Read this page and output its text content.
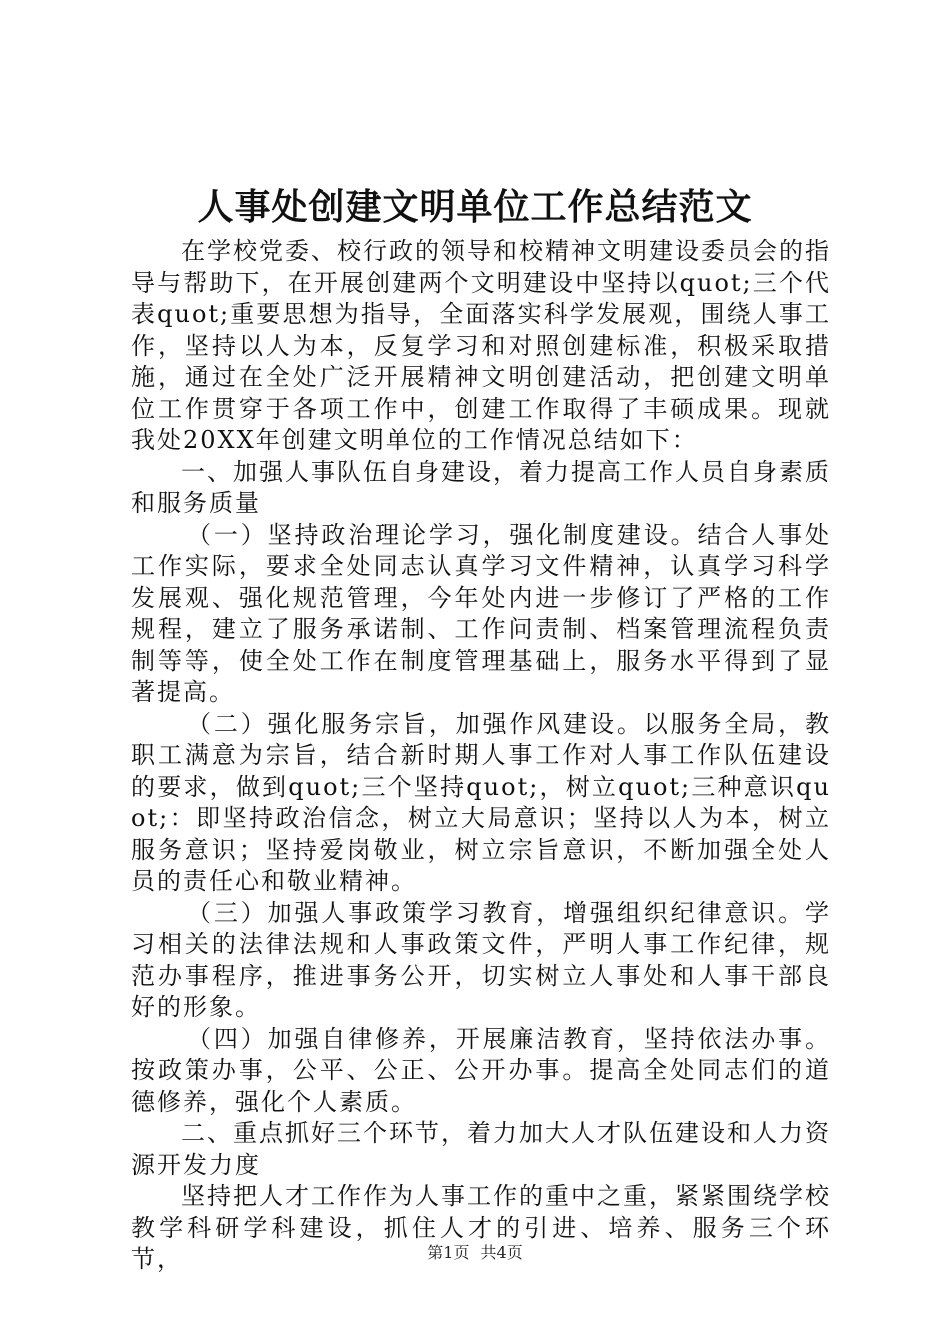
人事处创建文明单位工作总结范文

在学校党委、校行政的领导和校精神文明建设委员会的指导与帮助下，在开展创建两个文明建设中坚持以quot;三个代表quot;重要思想为指导，全面落实科学发展观，围绕人事工作，坚持以人为本，反复学习和对照创建标准，积极采取措施，通过在全处广泛开展精神文明创建活动，把创建文明单位工作贯穿于各项工作中，创建工作取得了丰硕成果。现就我处20XX年创建文明单位的工作情况总结如下：

一、加强人事队伍自身建设，着力提高工作人员自身素质和服务质量

（一）坚持政治理论学习，强化制度建设。结合人事处工作实际，要求全处同志认真学习文件精神，认真学习科学发展观、强化规范管理，今年处内进一步修订了严格的工作规程，建立了服务承诺制、工作问责制、档案管理流程负责制等等，使全处工作在制度管理基础上，服务水平得到了显著提高。

（二）强化服务宗旨，加强作风建设。以服务全局，教职工满意为宗旨，结合新时期人事工作对人事工作队伍建设的要求，做到quot;三个坚持quot;，树立quot;三种意识quot;：即坚持政治信念，树立大局意识；坚持以人为本，树立服务意识；坚持爱岗敬业，树立宗旨意识，不断加强全处人员的责任心和敬业精神。

（三）加强人事政策学习教育，增强组织纪律意识。学习相关的法律法规和人事政策文件，严明人事工作纪律，规范办事程序，推进事务公开，切实树立人事处和人事干部良好的形象。

（四）加强自律修养，开展廉洁教育，坚持依法办事。按政策办事，公平、公正、公开办事。提高全处同志们的道德修养，强化个人素质。

二、重点抓好三个环节，着力加大人才队伍建设和人力资源开发力度

坚持把人才工作作为人事工作的重中之重，紧紧围绕学校教学科研学科建设，抓住人才的引进、培养、服务三个环节，	第1页 共4页
